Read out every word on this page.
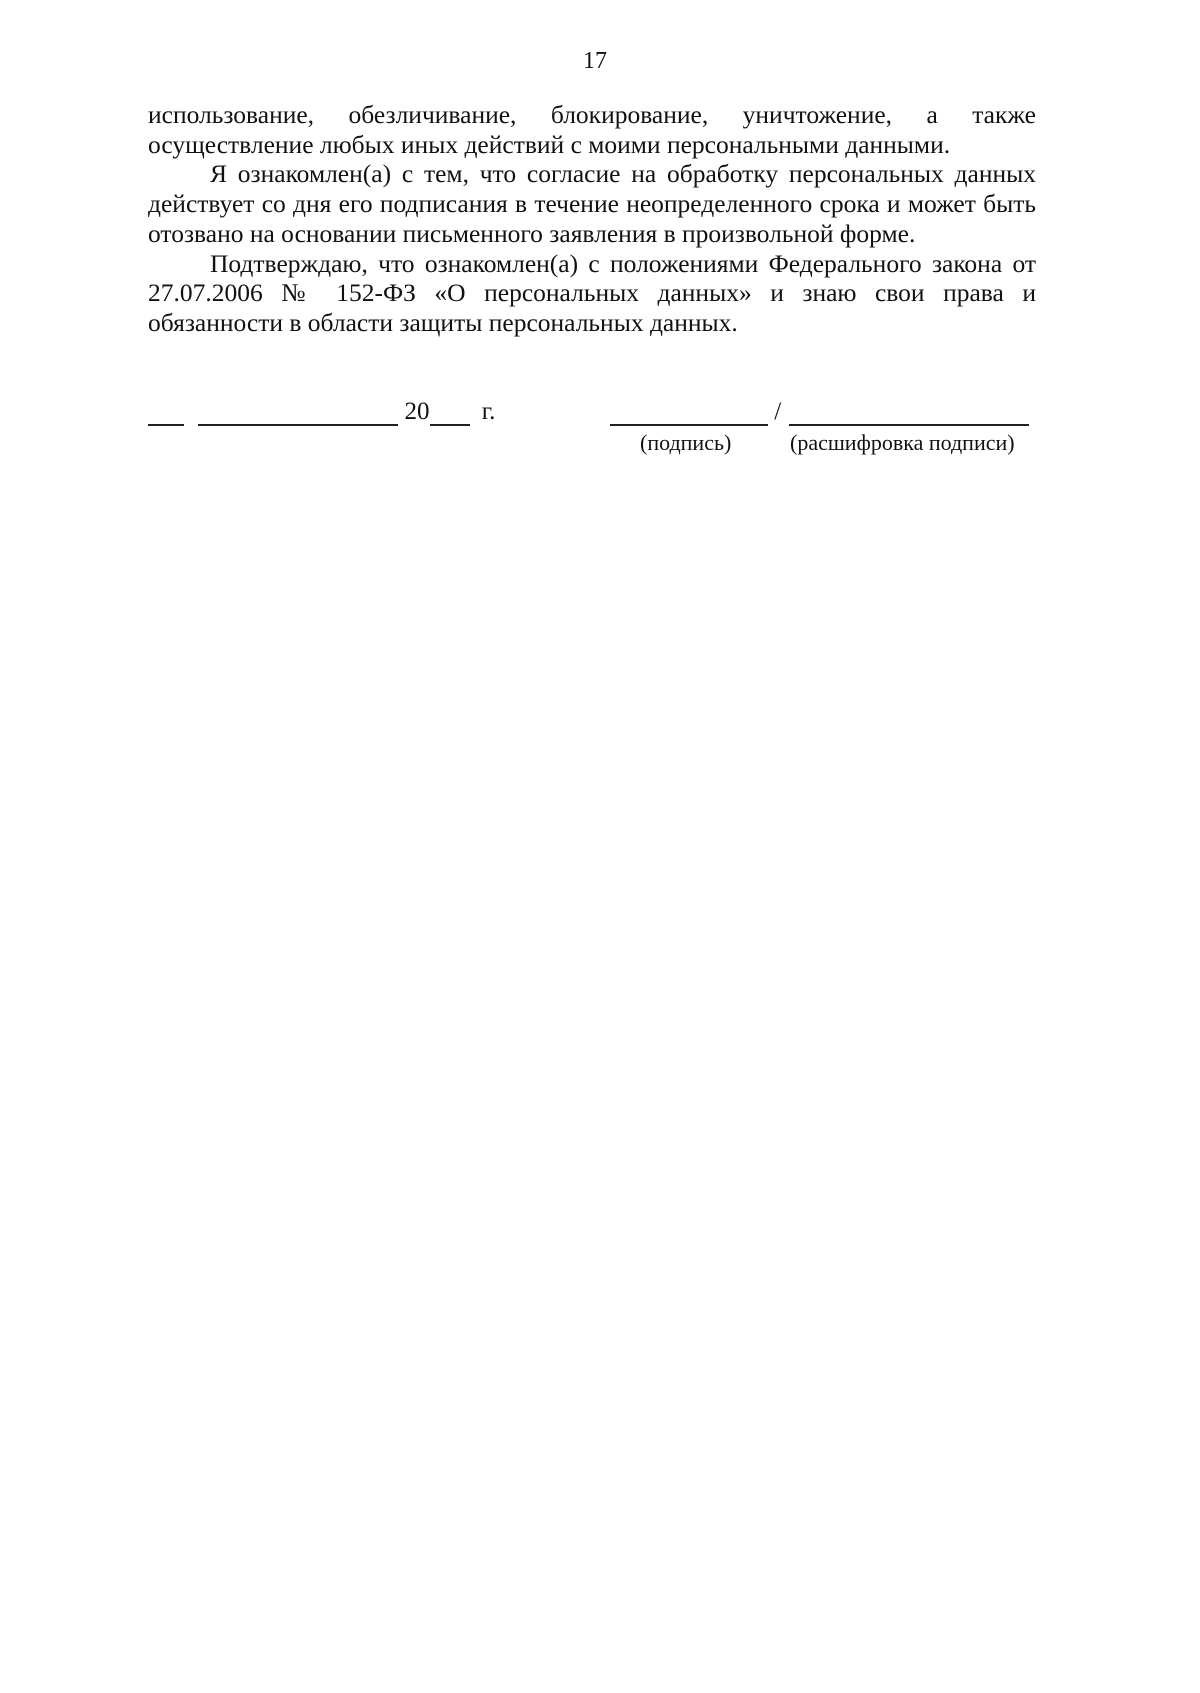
17

использование, обезличивание, блокирование, уничтожение, а также осуществление любых иных действий с моими персональными данными.

Я ознакомлен(а) с тем, что согласие на обработку персональных данных действует со дня его подписания в течение неопределенного срока и может быть отозвано на основании письменного заявления в произвольной форме.

Подтверждаю, что ознакомлен(а) с положениями Федерального закона от 27.07.2006 № 152-ФЗ «О персональных данных» и знаю свои права и обязанности в области защиты персональных данных.

20 г.	/
(подпись)	(расшифровка подписи)
